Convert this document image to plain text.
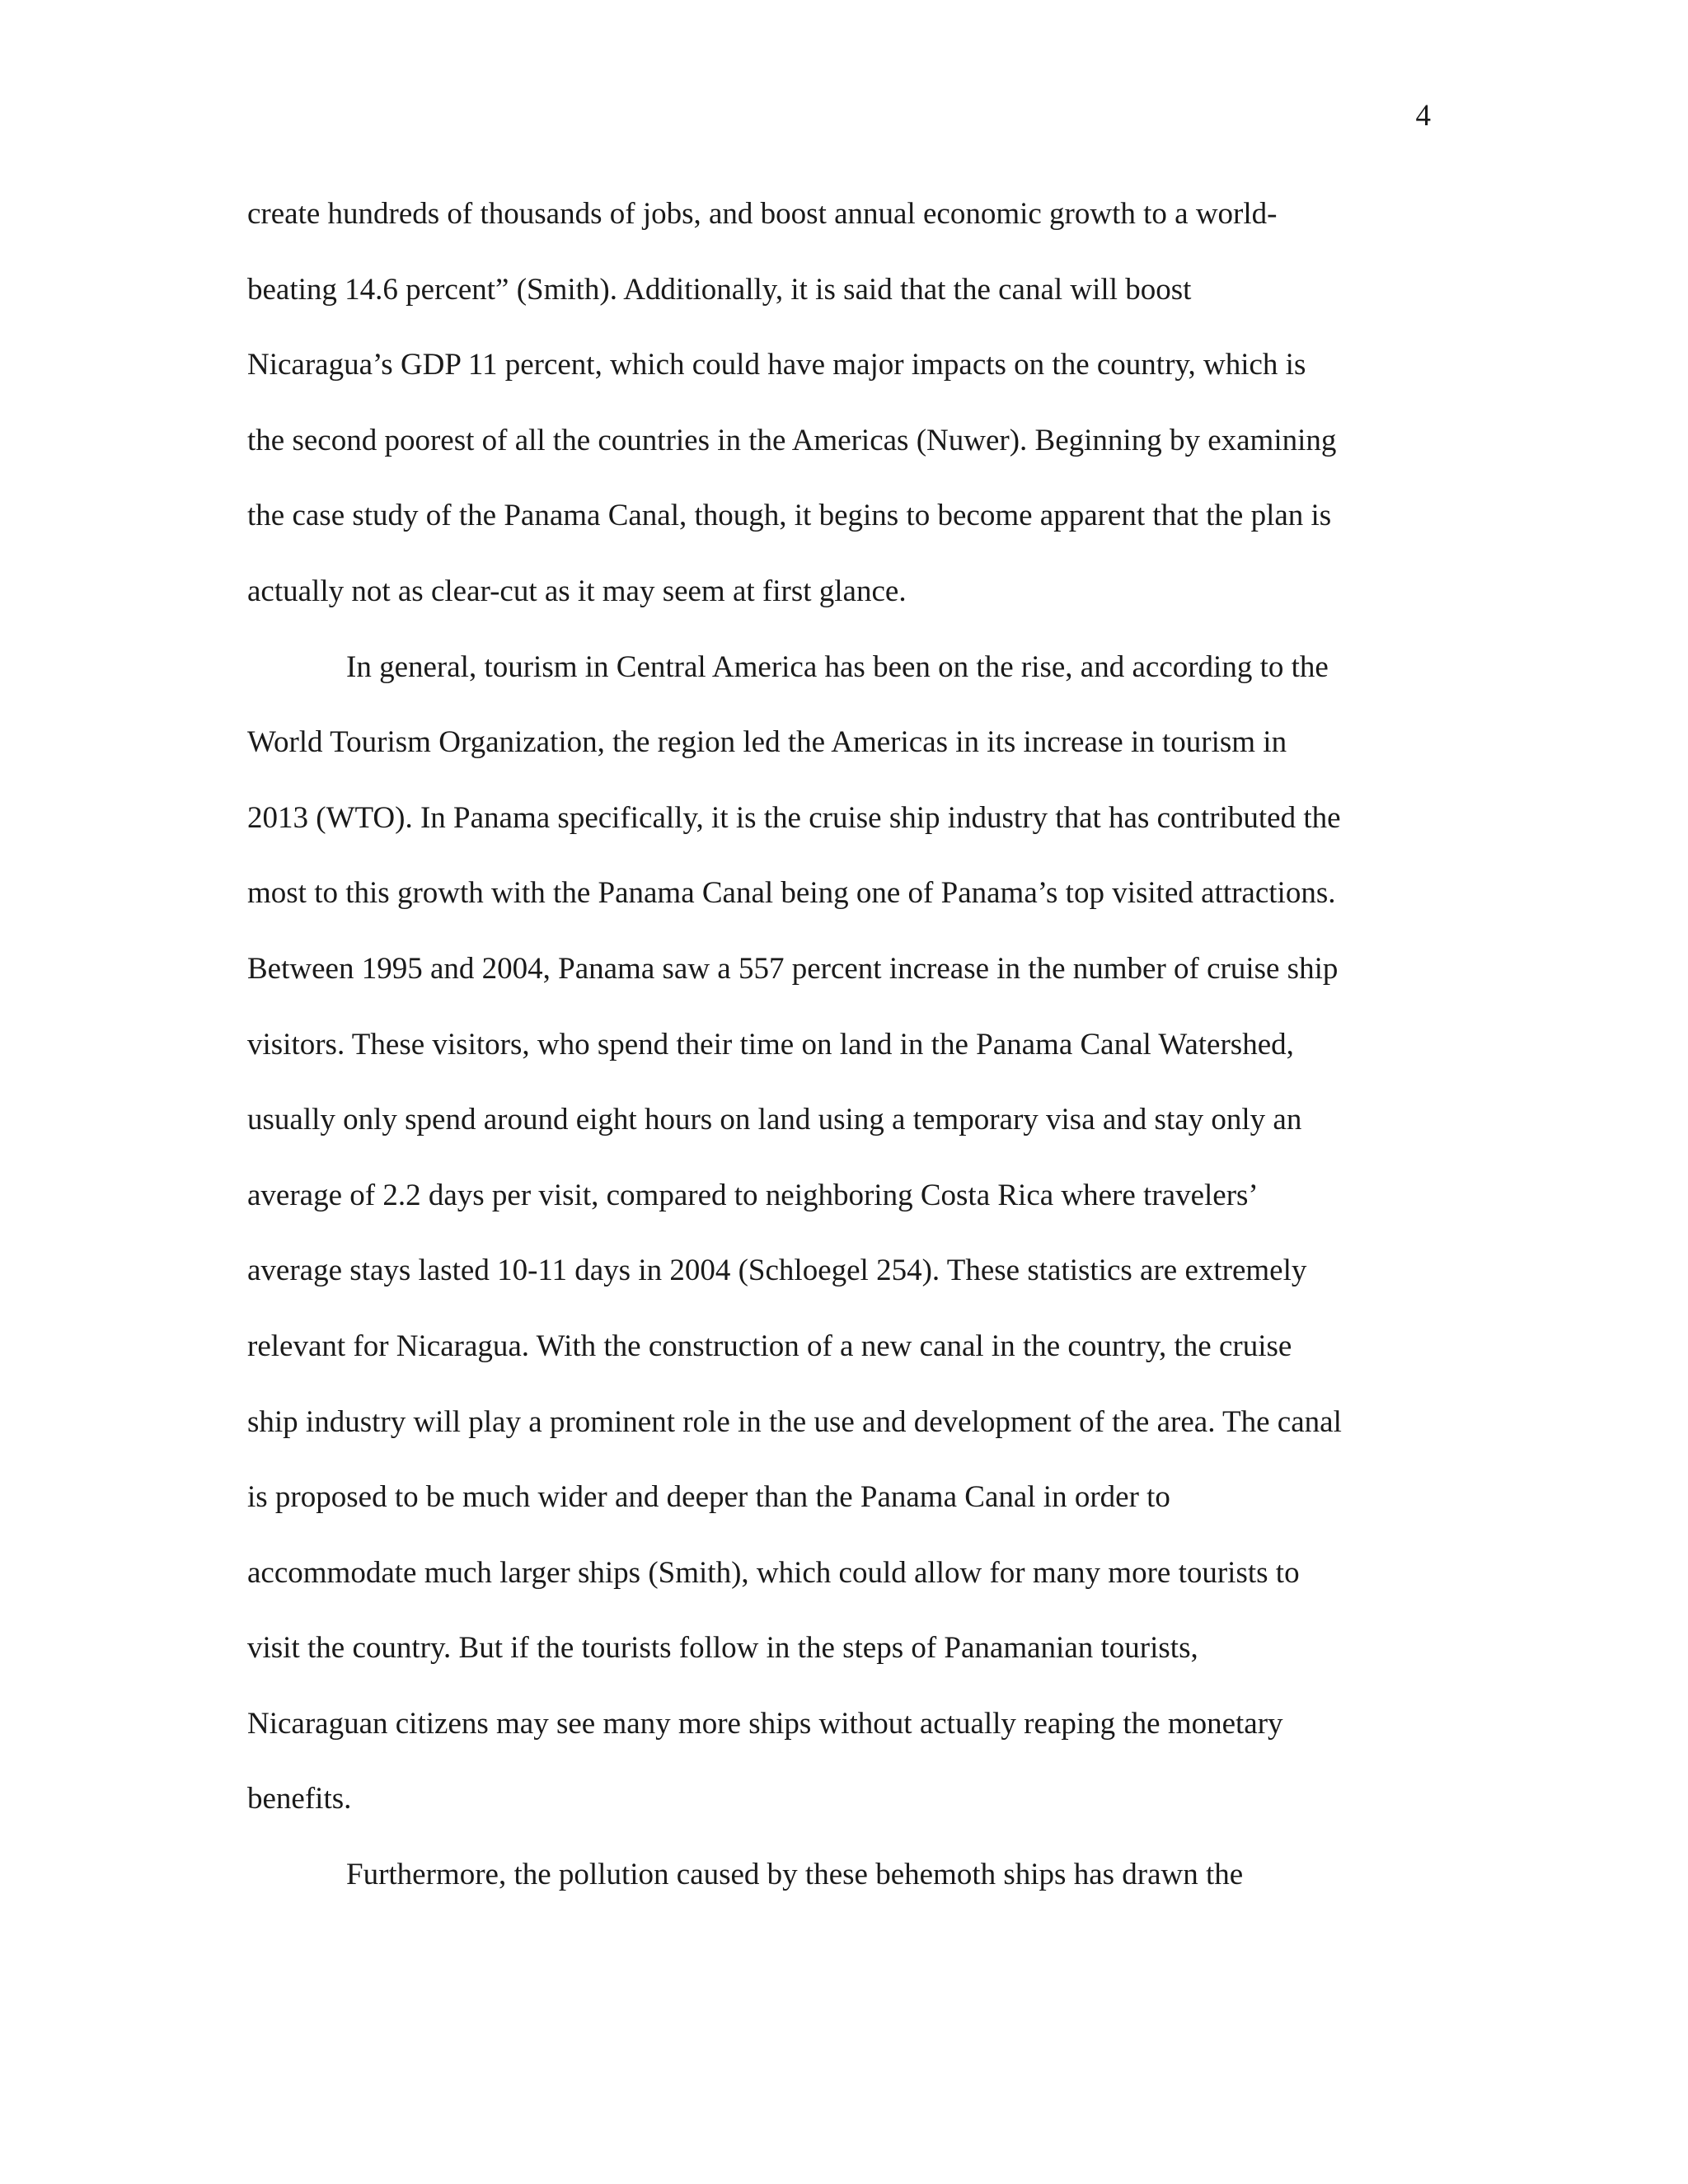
4
create hundreds of thousands of jobs, and boost annual economic growth to a world-
beating 14.6 percent” (Smith). Additionally, it is said that the canal will boost
Nicaragua’s GDP 11 percent, which could have major impacts on the country, which is
the second poorest of all the countries in the Americas (Nuwer). Beginning by examining
the case study of the Panama Canal, though, it begins to become apparent that the plan is
actually not as clear-cut as it may seem at first glance.
In general, tourism in Central America has been on the rise, and according to the
World Tourism Organization, the region led the Americas in its increase in tourism in
2013 (WTO). In Panama specifically, it is the cruise ship industry that has contributed the
most to this growth with the Panama Canal being one of Panama’s top visited attractions.
Between 1995 and 2004, Panama saw a 557 percent increase in the number of cruise ship
visitors. These visitors, who spend their time on land in the Panama Canal Watershed,
usually only spend around eight hours on land using a temporary visa and stay only an
average of 2.2 days per visit, compared to neighboring Costa Rica where travelers’
average stays lasted 10-11 days in 2004 (Schloegel 254). These statistics are extremely
relevant for Nicaragua. With the construction of a new canal in the country, the cruise
ship industry will play a prominent role in the use and development of the area. The canal
is proposed to be much wider and deeper than the Panama Canal in order to
accommodate much larger ships (Smith), which could allow for many more tourists to
visit the country. But if the tourists follow in the steps of Panamanian tourists,
Nicaraguan citizens may see many more ships without actually reaping the monetary
benefits.
Furthermore, the pollution caused by these behemoth ships has drawn the
